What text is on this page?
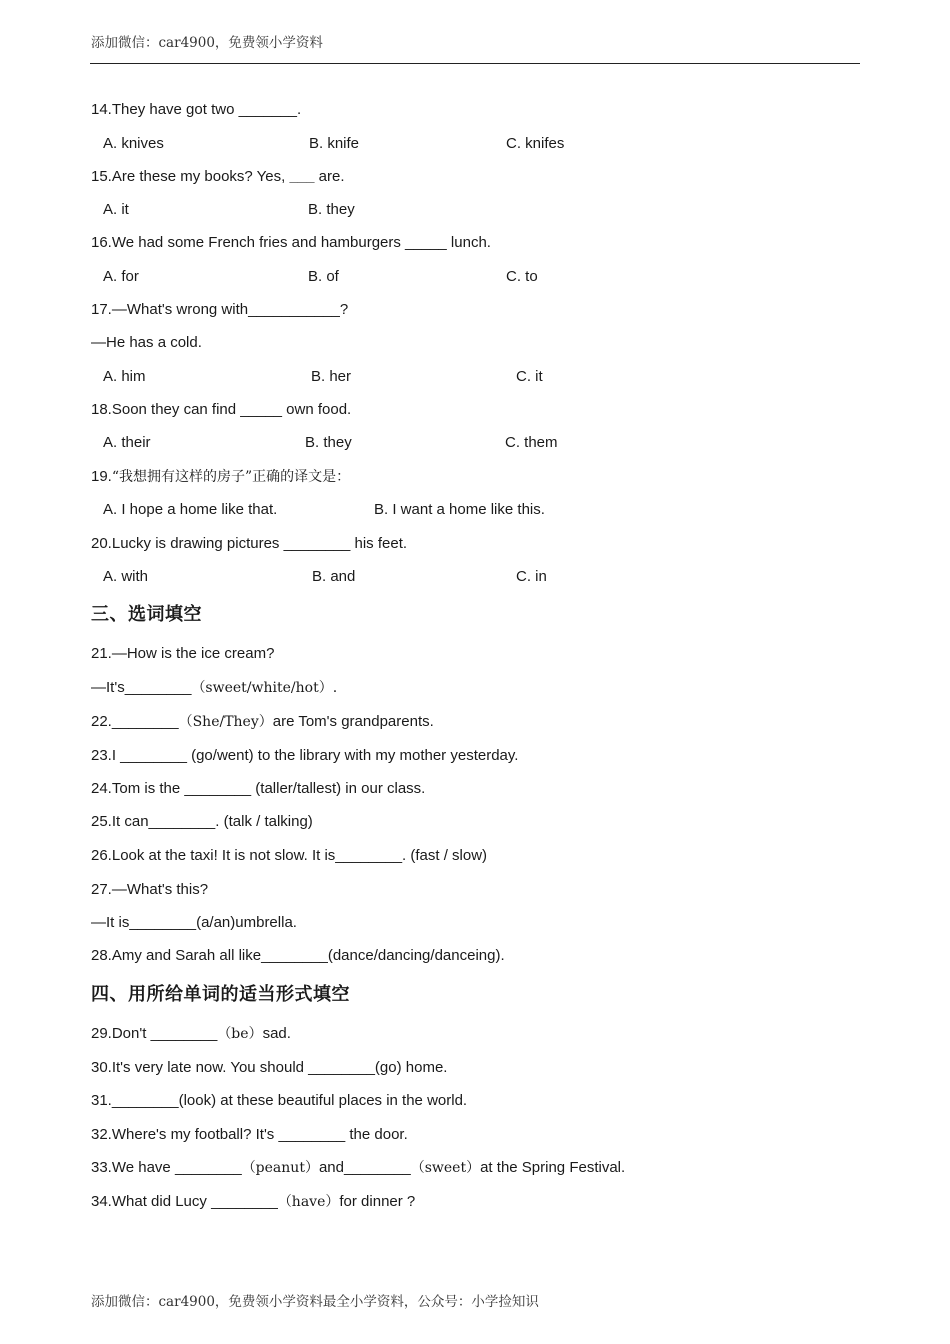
添加微信：car4900，免费领小学资料
14.They have got two _______.
A. knives	B. knife	C. knifes
15.Are these my books? Yes, ___ are.
A. it	B. they
16.We had some French fries and hamburgers _____ lunch.
A. for	B. of	C. to
17.—What's wrong with___________?
—He has a cold.
A. him	B. her	C. it
18.Soon they can find _____ own food.
A. their	B. they	C. them
19.“我想拥有这样的房子”正确的译文是：
A. I hope a home like that.	B. I want a home like this.
20.Lucky is drawing pictures ________ his feet.
A. with	B. and	C. in
三、选词填空
21.—How is the ice cream?
—It's________（sweet/white/hot）.
22.________（She/They）are Tom's grandparents.
23.I ________ (go/went) to the library with my mother yesterday.
24.Tom is the ________ (taller/tallest) in our class.
25.It can________. (talk / talking)
26.Look at the taxi! It is not slow. It is________. (fast / slow)
27.—What's this?
—It is________(a/an)umbrella.
28.Amy and Sarah all like________(dance/dancing/danceing).
四、用所给单词的适当形式填空
29.Don't ________（be）sad.
30.It's very late now. You should ________(go) home.
31.________(look) at these beautiful places in the world.
32.Where's my football? It's ________ the door.
33.We have ________（peanut）and________（sweet）at the Spring Festival.
34.What did Lucy ________（have）for dinner ?
添加微信：car4900，免费领小学资料最全小学资料，公众号：小学捡知识
